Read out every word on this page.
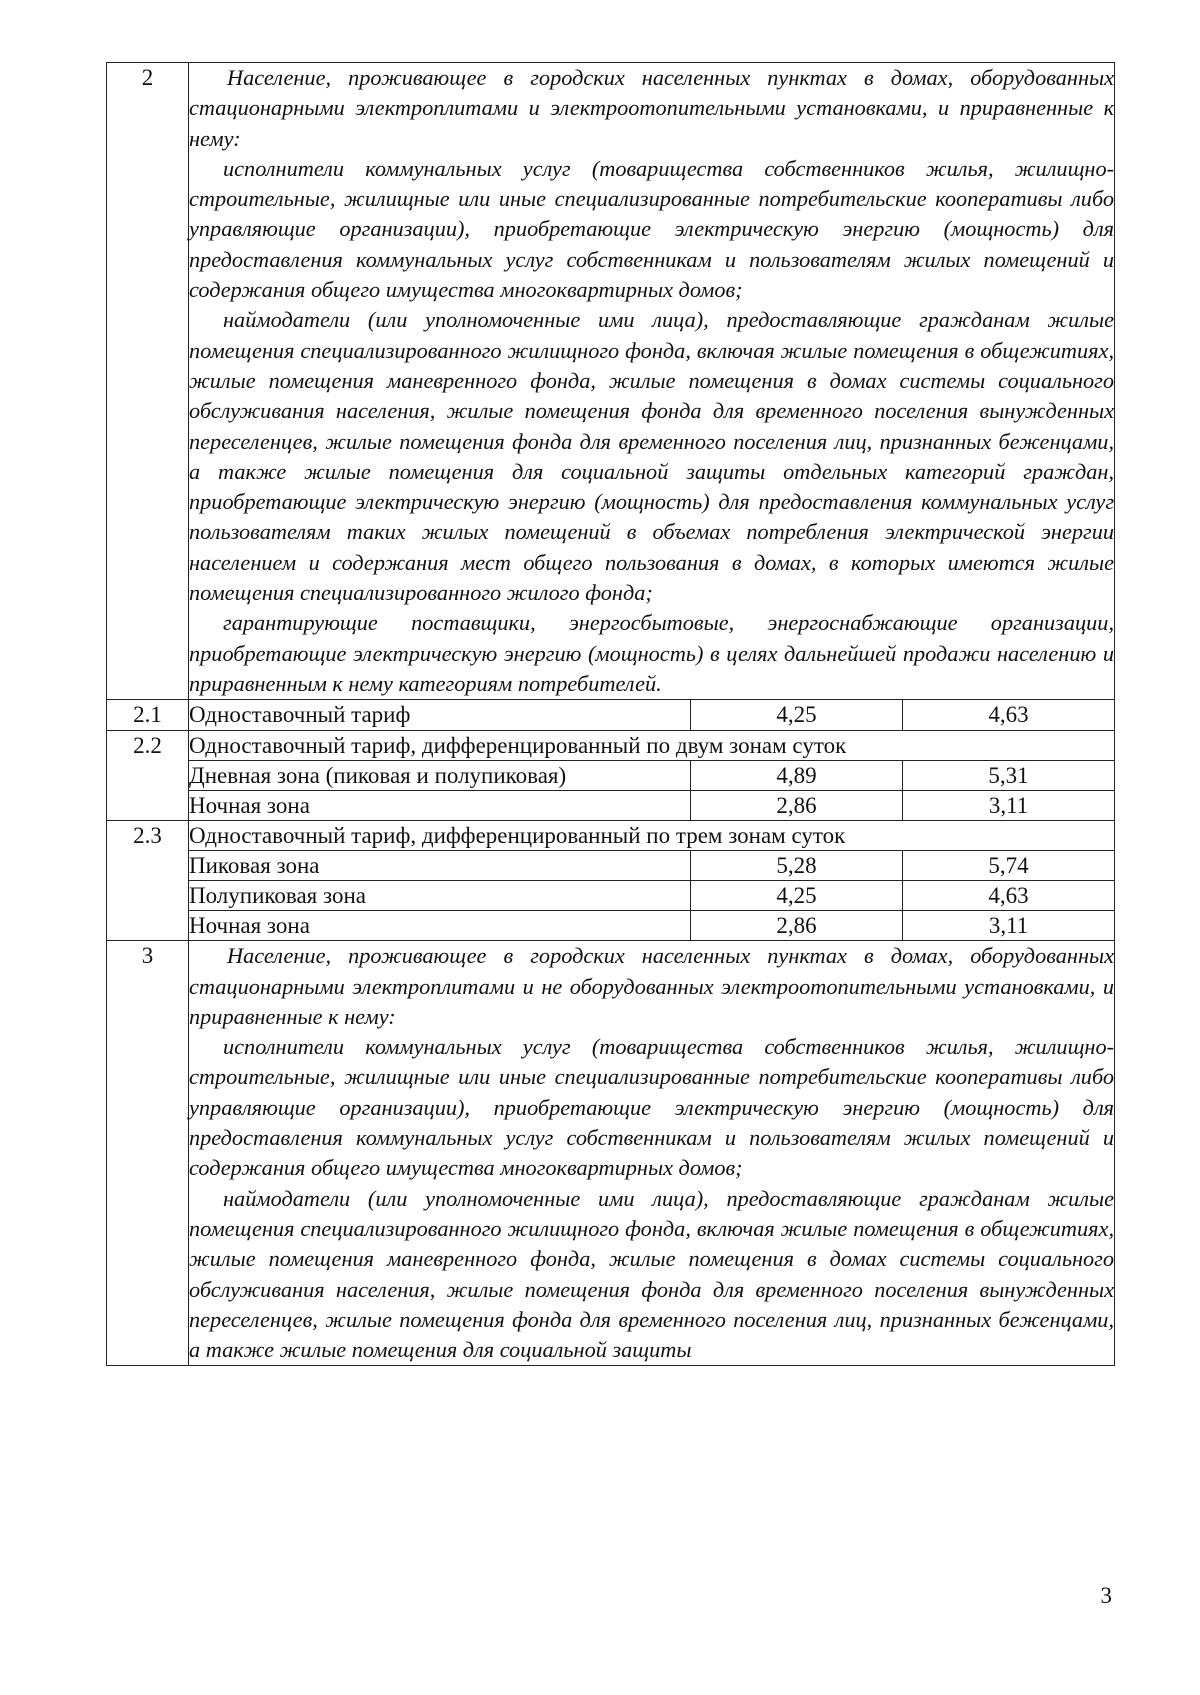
2	Население, проживающее в городских населенных пунктах в домах, оборудованных стационарными электроплитами и электроотопительными установками, и приравненные к нему:

исполнители коммунальных услуг (товарищества собственников жилья, жилищно-строительные, жилищные или иные специализированные потребительские кооперативы либо управляющие организации), приобретающие электрическую энергию (мощность) для предоставления коммунальных услуг собственникам и пользователям жилых помещений и содержания общего имущества многоквартирных домов;

наймодатели (или уполномоченные ими лица), предоставляющие гражданам жилые помещения специализированного жилищного фонда, включая жилые помещения в общежитиях, жилые помещения маневренного фонда, жилые помещения в домах системы социального обслуживания населения, жилые помещения фонда для временного поселения вынужденных переселенцев, жилые помещения фонда для временного поселения лиц, признанных беженцами, а также жилые помещения для социальной защиты отдельных категорий граждан, приобретающие электрическую энергию (мощность) для предоставления коммунальных услуг пользователям таких жилых помещений в объемах потребления электрической энергии населением и содержания мест общего пользования в домах, в которых имеются жилые помещения специализированного жилого фонда;

гарантирующие поставщики, энергосбытовые, энергоснабжающие организации, приобретающие электрическую энергию (мощность) в целях дальнейшей продажи населению и приравненным к нему категориям потребителей.		

2.1	Одноставочный тариф	4,25	4,63
2.2	Одноставочный тариф, дифференцированный по двум зонам суток		
	Дневная зона (пиковая и полупиковая)	4,89	5,31
	Ночная зона	2,86	3,11
2.3	Одноставочный тариф, дифференцированный по трем зонам суток		
	Пиковая зона	5,28	5,74
	Полупиковая зона	4,25	4,63
	Ночная зона	2,86	3,11
3	Население, проживающее в городских населенных пунктах в домах, оборудованных стационарными электроплитами и не оборудованных электроотопительными установками, и приравненные к нему:

исполнители коммунальных услуг (товарищества собственников жилья, жилищно-строительные, жилищные или иные специализированные потребительские кооперативы либо управляющие организации), приобретающие электрическую энергию (мощность) для предоставления коммунальных услуг собственникам и пользователям жилых помещений и содержания общего имущества многоквартирных домов;

наймодатели (или уполномоченные ими лица), предоставляющие гражданам жилые помещения специализированного жилищного фонда, включая жилые помещения в общежитиях, жилые помещения маневренного фонда, жилые помещения в домах системы социального обслуживания населения, жилые помещения фонда для временного поселения вынужденных переселенцев, жилые помещения фонда для временного поселения лиц, признанных беженцами, а также жилые помещения для социальной защиты		

3
